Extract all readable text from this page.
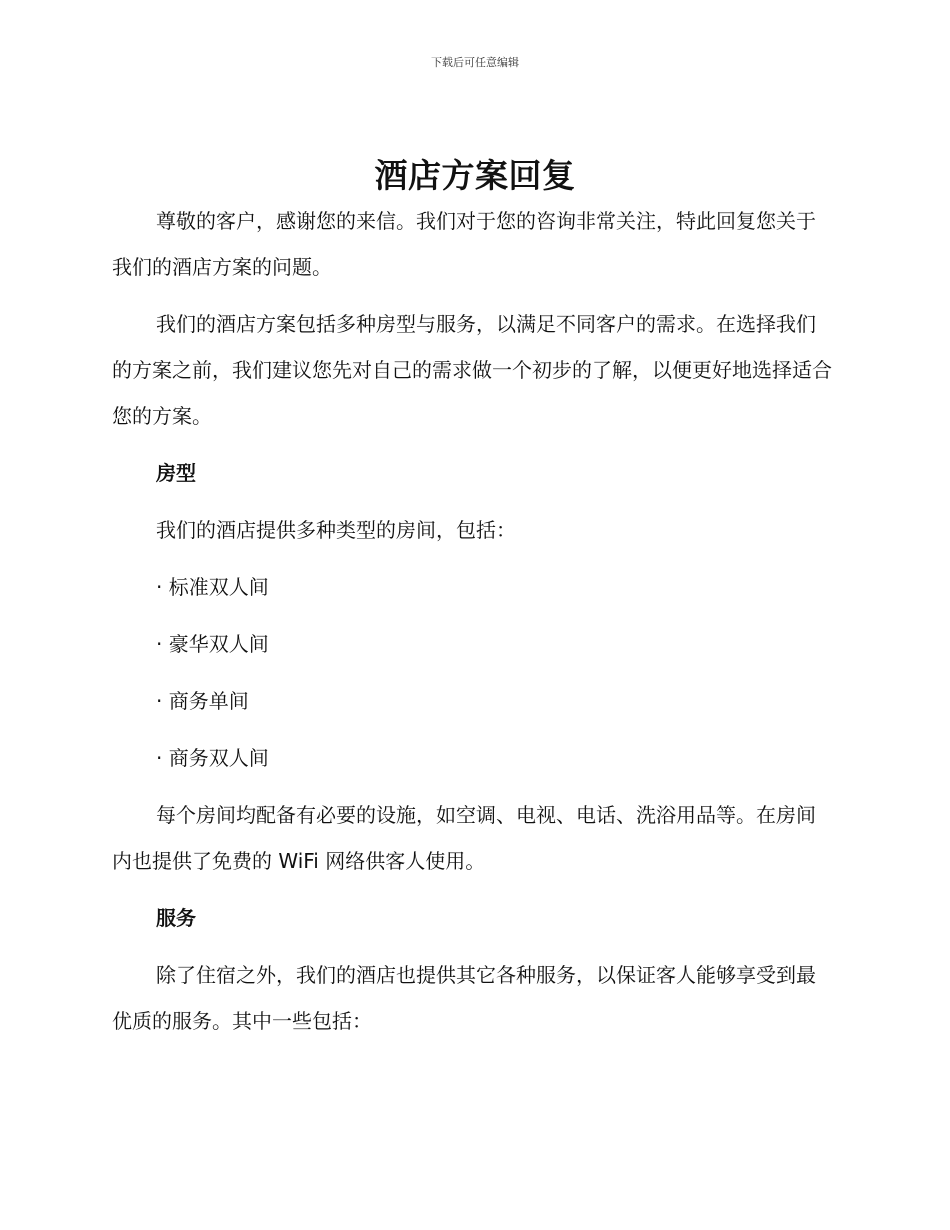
下载后可任意编辑
酒店方案回复

尊敬的客户，感谢您的来信。我们对于您的咨询非常关注，特此回复您关于我们的酒店方案的问题。

我们的酒店方案包括多种房型与服务，以满足不同客户的需求。在选择我们的方案之前，我们建议您先对自己的需求做一个初步的了解，以便更好地选择适合您的方案。

房型

我们的酒店提供多种类型的房间，包括：

· 标准双人间

· 豪华双人间

· 商务单间

· 商务双人间

每个房间均配备有必要的设施，如空调、电视、电话、洗浴用品等。在房间内也提供了免费的 WiFi 网络供客人使用。

服务

除了住宿之外，我们的酒店也提供其它各种服务，以保证客人能够享受到最优质的服务。其中一些包括：
